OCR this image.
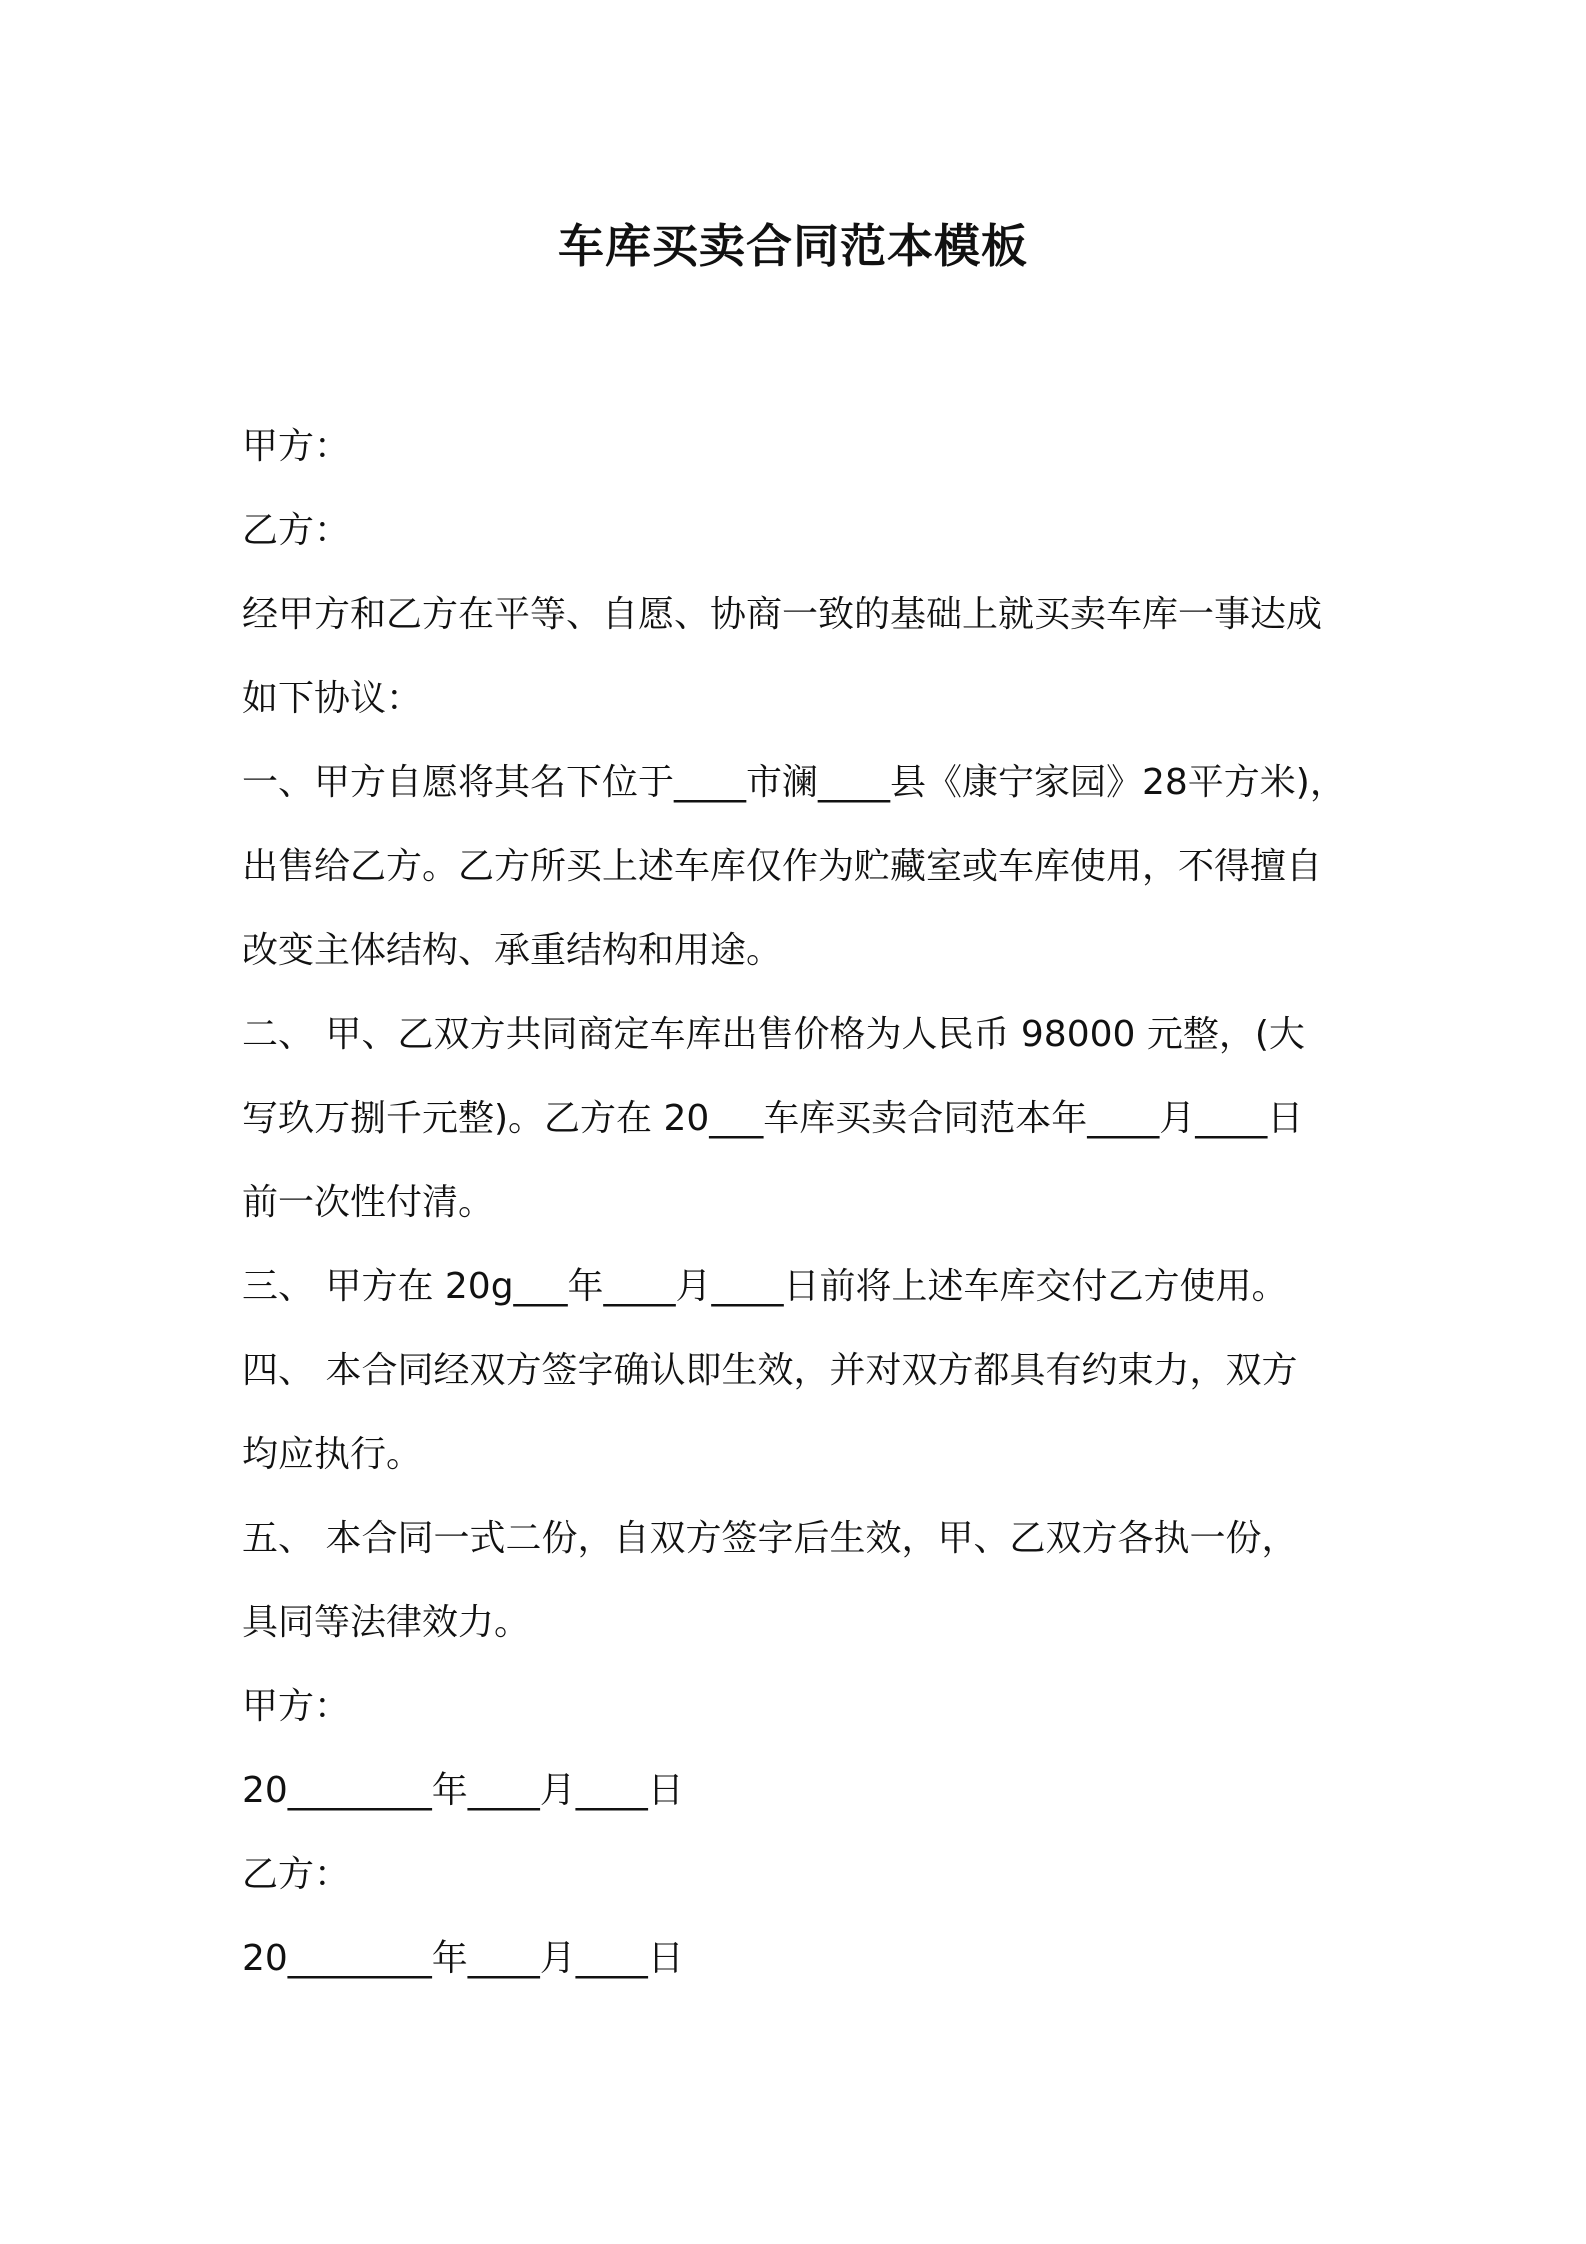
车库买卖合同范本模板
甲方：
乙方：
经甲方和乙方在平等、自愿、协商一致的基础上就买卖车库一事达成
如下协议：
一、甲方自愿将其名下位于____市澜____县《康宁家园》28平方米)，
出售给乙方。乙方所买上述车库仅作为贮藏室或车库使用，不得擅自
改变主体结构、承重结构和用途。
二、 甲、乙双方共同商定车库出售价格为人民币 98000 元整，(大
写玖万捌千元整)。乙方在 20___车库买卖合同范本年____月____日
前一次性付清。
三、 甲方在 20g___年____月____日前将上述车库交付乙方使用。
四、 本合同经双方签字确认即生效，并对双方都具有约束力，双方
均应执行。
五、 本合同一式二份，自双方签字后生效，甲、乙双方各执一份，
具同等法律效力。
甲方：
20________年____月____日
乙方：
20________年____月____日
